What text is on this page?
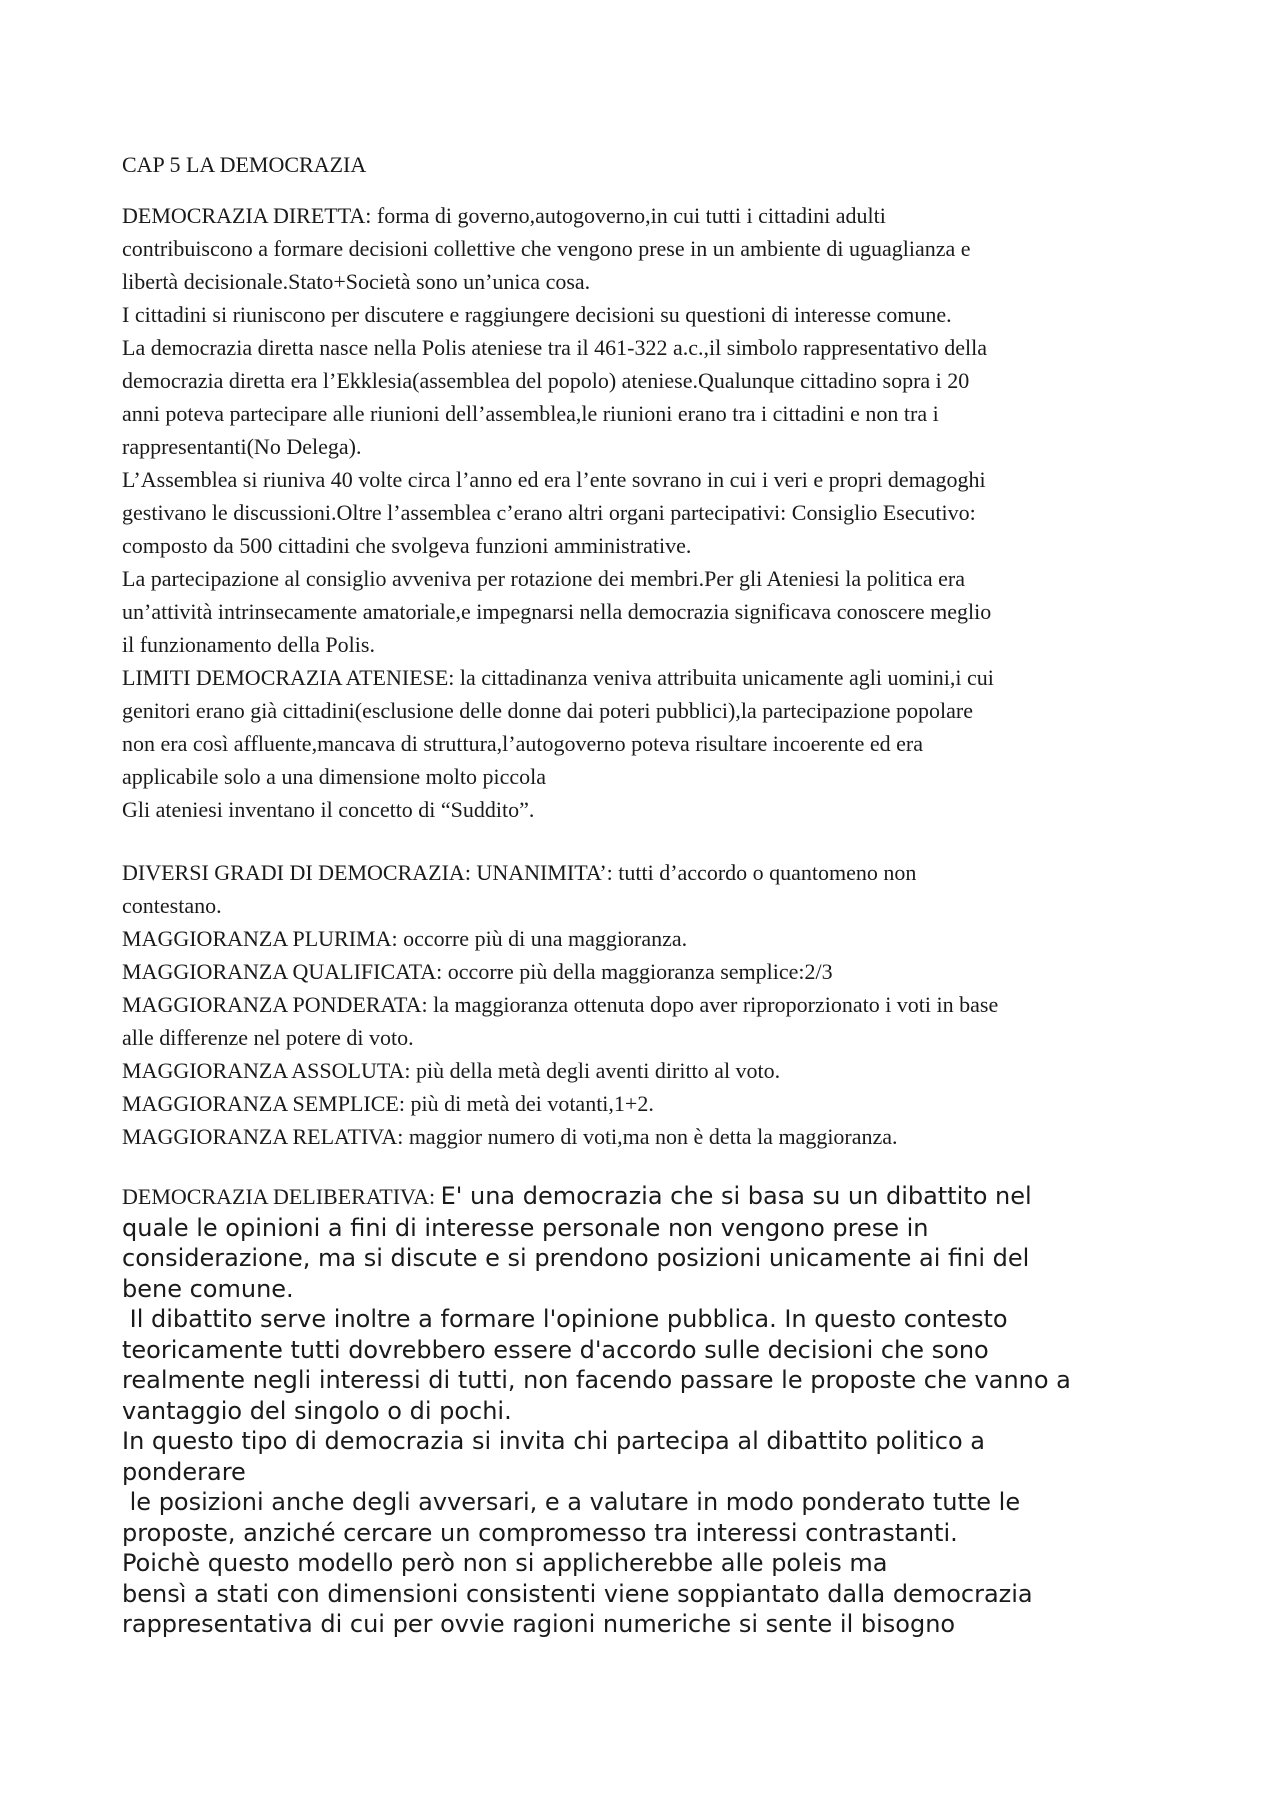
CAP 5 LA DEMOCRAZIA

DEMOCRAZIA DIRETTA: forma di governo,autogoverno,in cui tutti i cittadini adulti
contribuiscono a formare decisioni collettive che vengono prese in un ambiente di uguaglianza e
libertà decisionale.Stato+Società sono un’unica cosa.
I cittadini si riuniscono per discutere e raggiungere decisioni su questioni di interesse comune.
La democrazia diretta nasce nella Polis ateniese tra il 461-322 a.c.,il simbolo rappresentativo della
democrazia diretta era l’Ekklesia(assemblea del popolo) ateniese.Qualunque cittadino sopra i 20
anni poteva partecipare alle riunioni dell’assemblea,le riunioni erano tra i cittadini e non tra i
rappresentanti(No Delega).
L’Assemblea si riuniva 40 volte circa l’anno ed era l’ente sovrano in cui i veri e propri demagoghi
gestivano le discussioni.Oltre l’assemblea c’erano altri organi partecipativi: Consiglio Esecutivo:
composto da 500 cittadini che svolgeva funzioni amministrative.
La partecipazione al consiglio avveniva per rotazione dei membri.Per gli Ateniesi la politica era
un’attività intrinsecamente amatoriale,e impegnarsi nella democrazia significava conoscere meglio
il funzionamento della Polis.
LIMITI DEMOCRAZIA ATENIESE: la cittadinanza veniva attribuita unicamente agli uomini,i cui
genitori erano già cittadini(esclusione delle donne dai poteri pubblici),la partecipazione popolare
non era così affluente,mancava di struttura,l’autogoverno poteva risultare incoerente ed era
applicabile solo a una dimensione molto piccola
Gli ateniesi inventano il concetto di “Suddito”.
DIVERSI GRADI DI DEMOCRAZIA: UNANIMITA’: tutti d’accordo o quantomeno non
contestano.
MAGGIORANZA PLURIMA: occorre più di una maggioranza.
MAGGIORANZA QUALIFICATA: occorre più della maggioranza semplice:2/3
MAGGIORANZA PONDERATA: la maggioranza ottenuta dopo aver riproporzionato i voti in base
alle differenze nel potere di voto.
MAGGIORANZA ASSOLUTA: più della metà degli aventi diritto al voto.
MAGGIORANZA SEMPLICE: più di metà dei votanti,1+2.
MAGGIORANZA RELATIVA: maggior numero di voti,ma non è detta la maggioranza.
DEMOCRAZIA DELIBERATIVA: E' una democrazia che si basa su un dibattito nel
quale le opinioni a fini di interesse personale non vengono prese in
considerazione, ma si discute e si prendono posizioni unicamente ai fini del
bene comune.
Il dibattito serve inoltre a formare l'opinione pubblica. In questo contesto
teoricamente tutti dovrebbero essere d'accordo sulle decisioni che sono
realmente negli interessi di tutti, non facendo passare le proposte che vanno a
vantaggio del singolo o di pochi.
In questo tipo di democrazia si invita chi partecipa al dibattito politico a
ponderare
le posizioni anche degli avversari, e a valutare in modo ponderato tutte le
proposte, anziché cercare un compromesso tra interessi contrastanti.
Poichè questo modello però non si applicherebbe alle poleis ma
bensì a stati con dimensioni consistenti viene soppiantato dalla democrazia
rappresentativa di cui per ovvie ragioni numeriche si sente il bisogno
